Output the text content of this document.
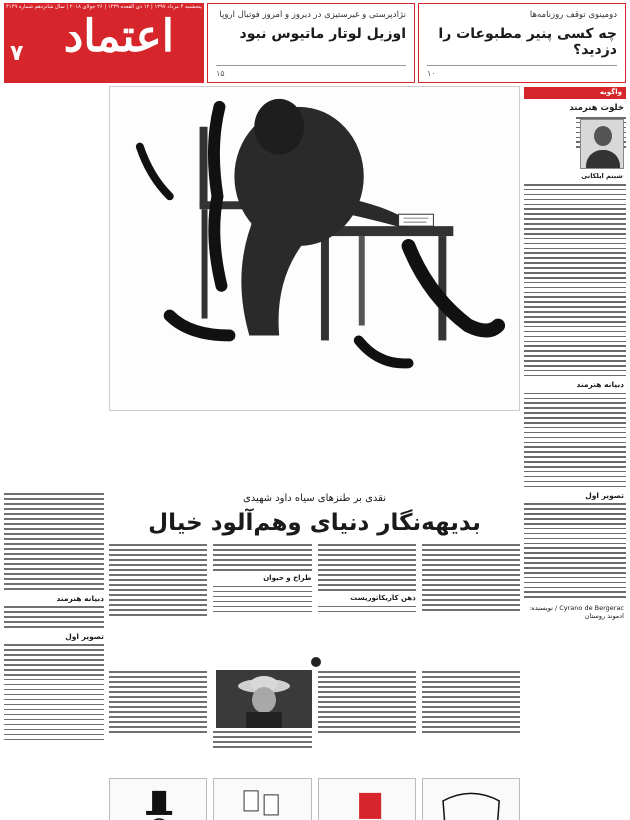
پنجشنبه ۴ مرداد ۱۳۹۷ | ۱۲ ذی القعده ۱۴۳۹ | ۲۶ جولای ۲۰۱۸ | سال شانزدهم شماره ۴۱۴۹
اعتماد
۷
نژادپرستی و غیرستیزی در دیروز و امروز فوتبال اروپا
اوزیل لوتار ماتیوس نبود
۱۵
دومینوی توقف روزنامه‌ها
چه کسی پنیر مطبوعات را دزدید؟
۱۰
واگویه
خلوت هنرمند
شبنم ایلکانی
دبیانه هنرمند
تصویر اول
Cyrano de Bergerac / نویسنده: ادموند روستان
نقدی بر طنزهای سیاه داود شهیدی
بدیهه‌نگار دنیای وهم‌آلود خیال
طراح و حیوان
ذهن کاریکاتوریست
دبیانه هنرمند
تصویر اول
